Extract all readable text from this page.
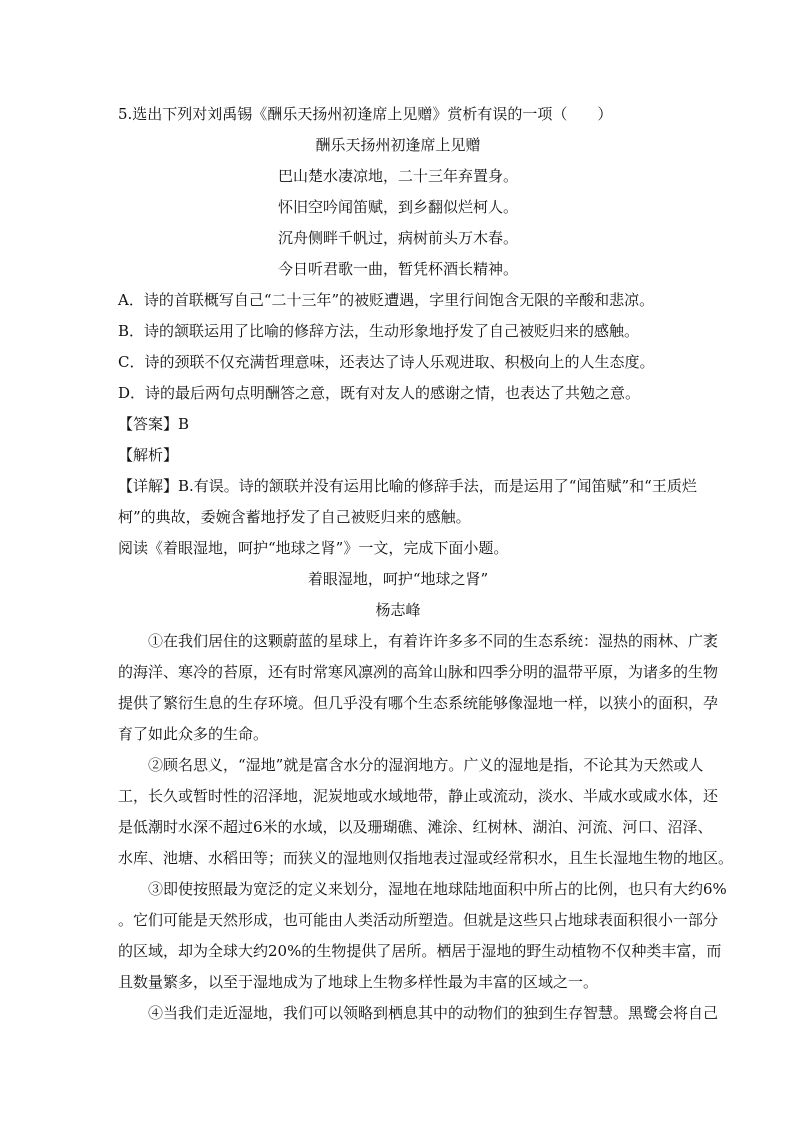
5.选出下列对刘禹锡《酬乐天扬州初逢席上见赠》赏析有误的一项（　　）
酬乐天扬州初逢席上见赠
巴山楚水凄凉地，二十三年弃置身。
怀旧空吟闻笛赋，到乡翻似烂柯人。
沉舟侧畔千帆过，病树前头万木春。
今日听君歌一曲，暂凭杯酒长精神。
A．诗的首联概写自己“二十三年”的被贬遭遇，字里行间饱含无限的辛酸和悲凉。
B．诗的颔联运用了比喻的修辞方法，生动形象地抒发了自己被贬归来的感触。
C．诗的颈联不仅充满哲理意味，还表达了诗人乐观进取、积极向上的人生态度。
D．诗的最后两句点明酬答之意，既有对友人的感谢之情，也表达了共勉之意。
【答案】B
【解析】
【详解】B.有误。诗的颔联并没有运用比喻的修辞手法，而是运用了“闻笛赋”和“王质烂
柯”的典故，委婉含蓄地抒发了自己被贬归来的感触。
阅读《着眼湿地，呵护“地球之肾”》一文，完成下面小题。
着眼湿地，呵护“地球之肾”
杨志峰
①在我们居住的这颗蔚蓝的星球上，有着许许多多不同的生态系统：湿热的雨林、广袤
的海洋、寒冷的苔原，还有时常寒风凛冽的高耸山脉和四季分明的温带平原，为诸多的生物
提供了繁衍生息的生存环境。但几乎没有哪个生态系统能够像湿地一样，以狭小的面积，孕
育了如此众多的生命。
②顾名思义，“湿地”就是富含水分的湿润地方。广义的湿地是指，不论其为天然或人
工，长久或暂时性的沼泽地，泥炭地或水域地带，静止或流动，淡水、半咸水或咸水体，还
是低潮时水深不超过6米的水域，以及珊瑚礁、滩涂、红树林、湖泊、河流、河口、沼泽、
水库、池塘、水稻田等；而狭义的湿地则仅指地表过湿或经常积水，且生长湿地生物的地区。
③即使按照最为宽泛的定义来划分，湿地在地球陆地面积中所占的比例，也只有大约6%
。它们可能是天然形成，也可能由人类活动所塑造。但就是这些只占地球表面积很小一部分
的区域，却为全球大约20%的生物提供了居所。栖居于湿地的野生动植物不仅种类丰富，而
且数量繁多，以至于湿地成为了地球上生物多样性最为丰富的区域之一。
④当我们走近湿地，我们可以领略到栖息其中的动物们的独到生存智慧。黑鹭会将自己
